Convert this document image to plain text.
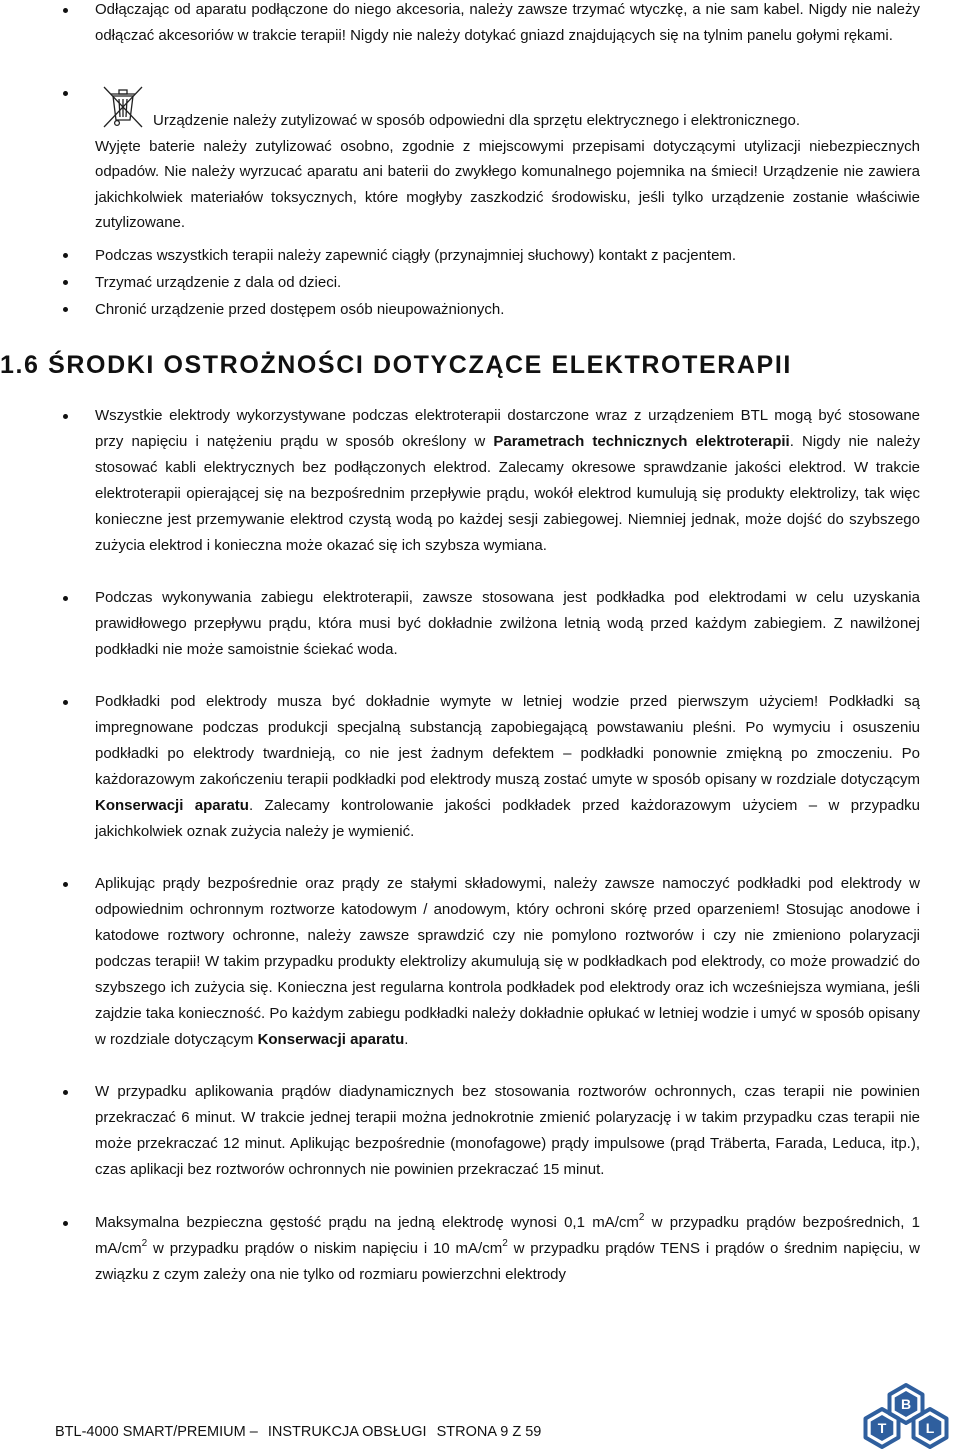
Odłączając od aparatu podłączone do niego akcesoria, należy zawsze trzymać wtyczkę, a nie sam kabel. Nigdy nie należy odłączać akcesoriów w trakcie terapii! Nigdy nie należy dotykać gniazd znajdujących się na tylnim panelu gołymi rękami.
Urządzenie należy zutylizować w sposób odpowiedni dla sprzętu elektrycznego i elektronicznego.
Wyjęte baterie należy zutylizować osobno, zgodnie z miejscowymi przepisami dotyczącymi utylizacji niebezpiecznych odpadów. Nie należy wyrzucać aparatu ani baterii do zwykłego komunalnego pojemnika na śmieci! Urządzenie nie zawiera jakichkolwiek materiałów toksycznych, które mogłyby zaszkodzić środowisku, jeśli tylko urządzenie zostanie właściwie zutylizowane.
Podczas wszystkich terapii należy zapewnić ciągły (przynajmniej słuchowy) kontakt z pacjentem.
Trzymać urządzenie z dala od dzieci.
Chronić urządzenie przed dostępem osób nieupoważnionych.
1.6 ŚRODKI OSTROŻNOŚCI DOTYCZĄCE ELEKTROTERAPII
Wszystkie elektrody wykorzystywane podczas elektroterapii dostarczone wraz z urządzeniem BTL mogą być stosowane przy napięciu i natężeniu prądu w sposób określony w Parametrach technicznych elektroterapii. Nigdy nie należy stosować kabli elektrycznych bez podłączonych elektrod. Zalecamy okresowe sprawdzanie jakości elektrod. W trakcie elektroterapii opierającej się na bezpośrednim przepływie prądu, wokół elektrod kumulują się produkty elektrolizy, tak więc konieczne jest przemywanie elektrod czystą wodą po każdej sesji zabiegowej. Niemniej jednak, może dojść do szybszego zużycia elektrod i konieczna może okazać się ich szybsza wymiana.
Podczas wykonywania zabiegu elektroterapii, zawsze stosowana jest podkładka pod elektrodami w celu uzyskania prawidłowego przepływu prądu, która musi być dokładnie zwilżona letnią wodą przed każdym zabiegiem. Z nawilżonej podkładki nie może samoistnie ściekać woda.
Podkładki pod elektrody musza być dokładnie wymyte w letniej wodzie przed pierwszym użyciem! Podkładki są impregnowane podczas produkcji specjalną substancją zapobiegającą powstawaniu pleśni. Po wymyciu i osuszeniu podkładki po elektrody twardnieją, co nie jest żadnym defektem – podkładki ponownie zmiękną po zmoczeniu. Po każdorazowym zakończeniu terapii podkładki pod elektrody muszą zostać umyte w sposób opisany w rozdziale dotyczącym Konserwacji aparatu. Zalecamy kontrolowanie jakości podkładek przed każdorazowym użyciem – w przypadku jakichkolwiek oznak zużycia należy je wymienić.
Aplikując prądy bezpośrednie oraz prądy ze stałymi składowymi, należy zawsze namoczyć podkładki pod elektrody w odpowiednim ochronnym roztworze katodowym / anodowym, który ochroni skórę przed oparzeniem! Stosując anodowe i katodowe roztwory ochronne, należy zawsze sprawdzić czy nie pomylono roztworów i czy nie zmieniono polaryzacji podczas terapii! W takim przypadku produkty elektrolizy akumulują się w podkładkach pod elektrody, co może prowadzić do szybszego ich zużycia się. Konieczna jest regularna kontrola podkładek pod elektrody oraz ich wcześniejsza wymiana, jeśli zajdzie taka konieczność. Po każdym zabiegu podkładki należy dokładnie opłukać w letniej wodzie i umyć w sposób opisany w rozdziale dotyczącym Konserwacji aparatu.
W przypadku aplikowania prądów diadynamicznych bez stosowania roztworów ochronnych, czas terapii nie powinien przekraczać 6 minut. W trakcie jednej terapii można jednokrotnie zmienić polaryzację i w takim przypadku czas terapii nie może przekraczać 12 minut. Aplikując bezpośrednie (monofagowe) prądy impulsowe (prąd Träberta, Farada, Leduca, itp.), czas aplikacji bez roztworów ochronnych nie powinien przekraczać 15 minut.
Maksymalna bezpieczna gęstość prądu na jedną elektrodę wynosi 0,1 $mA/cm^2$ w przypadku prądów bezpośrednich, 1 $mA/cm^2$ w przypadku prądów o niskim napięciu i 10 $mA/cm^2$ w przypadku prądów TENS i prądów o średnim napięciu, w związku z czym zależy ona nie tylko od rozmiaru powierzchni elektrody
BTL-4000 SMART/PREMIUM – INSTRUKCJA OBSŁUGI STRONA 9 Z 59
B
T	L
